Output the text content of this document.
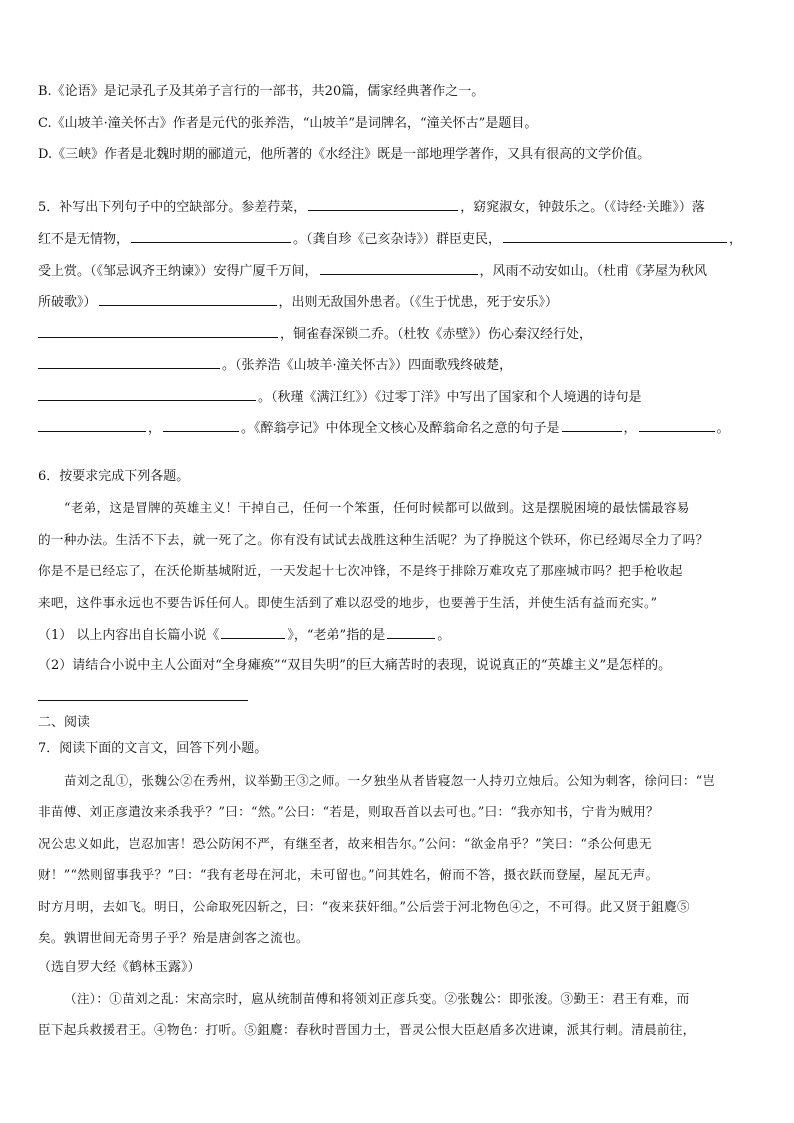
B.《论语》是记录孔子及其弟子言行的一部书，共20篇，儒家经典著作之一。
C.《山坡羊·潼关怀古》作者是元代的张养浩，“山坡羊”是词牌名，“潼关怀古”是题目。
D.《三峡》作者是北魏时期的郦道元，他所著的《水经注》既是一部地理学著作，又具有很高的文学价值。
5．补写出下列句子中的空缺部分。参差荇菜，	，窈窕淑女，钟鼓乐之。（《诗经·关雎》）落
红不是无情物，	。（龚自珍《己亥杂诗》）群臣吏民，	，
受上赏。（《邹忌讽齐王纳谏》）安得广厦千万间，	，风雨不动安如山。（杜甫《茅屋为秋风
所破歌》）	，出则无敌国外患者。（《生于忧患，死于安乐》）
，铜雀春深锁二乔。（杜牧《赤壁》）伤心秦汉经行处，
。（张养浩《山坡羊·潼关怀古》）四面歌残终破楚，
。（秋瑾《满江红》）《过零丁洋》中写出了国家和个人境遇的诗句是
，	。《醉翁亭记》中体现全文核心及醉翁命名之意的句子是	，	。
6．按要求完成下列各题。
“老弟，这是冒牌的英雄主义！干掉自己，任何一个笨蛋，任何时候都可以做到。这是摆脱困境的最怯懦最容易
的一种办法。生活不下去，就一死了之。你有没有试试去战胜这种生活呢？为了挣脱这个铁环，你已经竭尽全力了吗？
你是不是已经忘了，在沃伦斯基城附近，一天发起十七次冲锋，不是终于排除万难攻克了那座城市吗？把手枪收起
来吧，这件事永远也不要告诉任何人。即使生活到了难以忍受的地步，也要善于生活，并使生活有益而充实。”
（1） 以上内容出自长篇小说《	》，“老弟”指的是	。
（2）请结合小说中主人公面对“全身瘫痪”“双目失明”的巨大痛苦时的表现，说说真正的“英雄主义”是怎样的。
二、阅读
7．阅读下面的文言文，回答下列小题。
苗刘之乱①，张魏公②在秀州，议举勤王③之师。一夕独坐从者皆寝忽一人持刃立烛后。公知为刺客，徐问曰：“岂
非苗傅、刘正彦遣汝来杀我乎？”曰：“然。”公曰：“若是，则取吾首以去可也。”曰：“我亦知书，宁肯为贼用？
况公忠义如此，岂忍加害！恐公防闲不严，有继至者，故来相告尔。”公问：“欲金帛乎？”笑曰：“杀公何患无
财！”“然则留事我乎？”曰：“我有老母在河北，未可留也。”问其姓名，俯而不答，摄衣跃而登屋，屋瓦无声。
时方月明，去如飞。明日，公命取死囚斩之，曰：“夜来获奸细。”公后尝于河北物色④之，不可得。此又贤于鉏麑⑤
矣。孰谓世间无奇男子乎？殆是唐剑客之流也。
（选自罗大经《鹤林玉露》）
（注）：①苗刘之乱：宋高宗时，扈从统制苗傅和将领刘正彦兵变。②张魏公：即张浚。③勤王：君王有难，而
臣下起兵救援君王。④物色：打听。⑤鉏麑：春秋时晋国力士，晋灵公恨大臣赵盾多次进谏，派其行刺。清晨前往，
